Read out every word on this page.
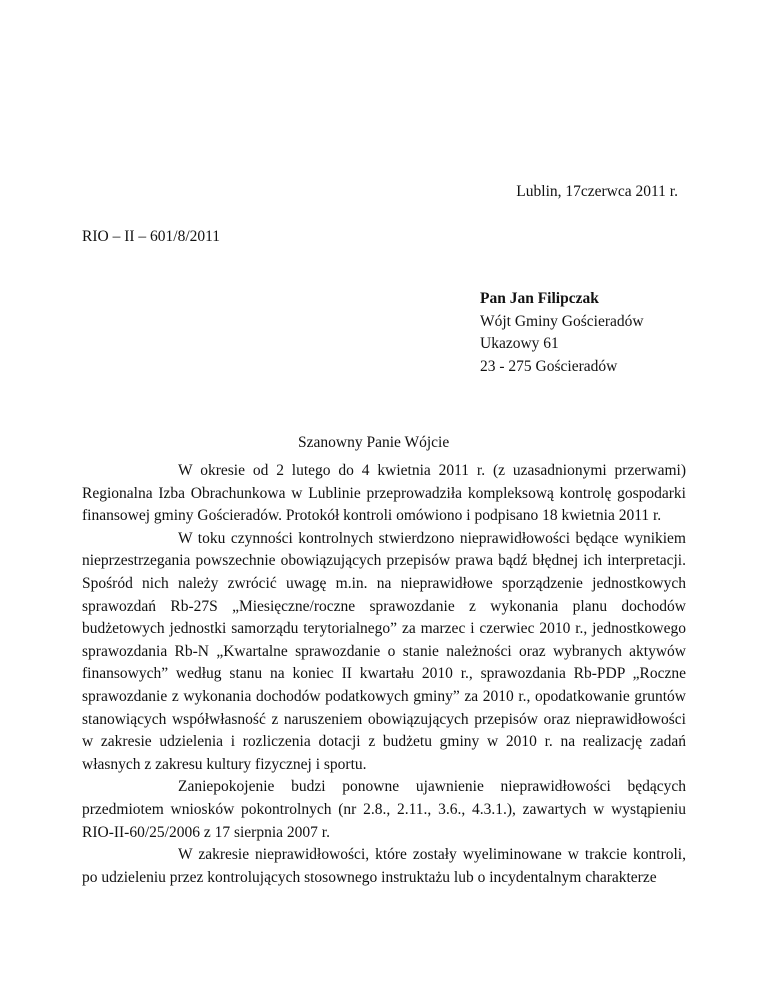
Lublin, 17czerwca 2011 r.
RIO – II – 601/8/2011
Pan Jan Filipczak
Wójt Gminy Gościeradów
Ukazowy 61
23 - 275 Gościeradów
Szanowny Panie Wójcie

W okresie od 2 lutego do 4 kwietnia 2011 r. (z uzasadnionymi przerwami) Regionalna Izba Obrachunkowa w Lublinie przeprowadziła kompleksową kontrolę gospodarki finansowej gminy Gościeradów. Protokół kontroli omówiono i podpisano 18 kwietnia 2011 r.

W toku czynności kontrolnych stwierdzono nieprawidłowości będące wynikiem nieprzestrzegania powszechnie obowiązujących przepisów prawa bądź błędnej ich interpretacji. Spośród nich należy zwrócić uwagę m.in. na nieprawidłowe sporządzenie jednostkowych sprawozdań Rb-27S „Miesięczne/roczne sprawozdanie z wykonania planu dochodów budżetowych jednostki samorządu terytorialnego” za marzec i czerwiec 2010 r., jednostkowego sprawozdania Rb-N „Kwartalne sprawozdanie o stanie należności oraz wybranych aktywów finansowych” według stanu na koniec II kwartału 2010 r., sprawozdania Rb-PDP „Roczne sprawozdanie z wykonania dochodów podatkowych gminy” za 2010 r., opodatkowanie gruntów stanowiących współwłasność z naruszeniem obowiązujących przepisów oraz nieprawidłowości w zakresie udzielenia i rozliczenia dotacji z budżetu gminy w 2010 r. na realizację zadań własnych z zakresu kultury fizycznej i sportu.

Zaniepokojenie budzi ponowne ujawnienie nieprawidłowości będących przedmiotem wniosków pokontrolnych (nr 2.8., 2.11., 3.6., 4.3.1.), zawartych w wystąpieniu RIO-II-60/25/2006 z 17 sierpnia 2007 r.

W zakresie nieprawidłowości, które zostały wyeliminowane w trakcie kontroli, po udzieleniu przez kontrolujących stosownego instruktażu lub o incydentalnym charakterze
